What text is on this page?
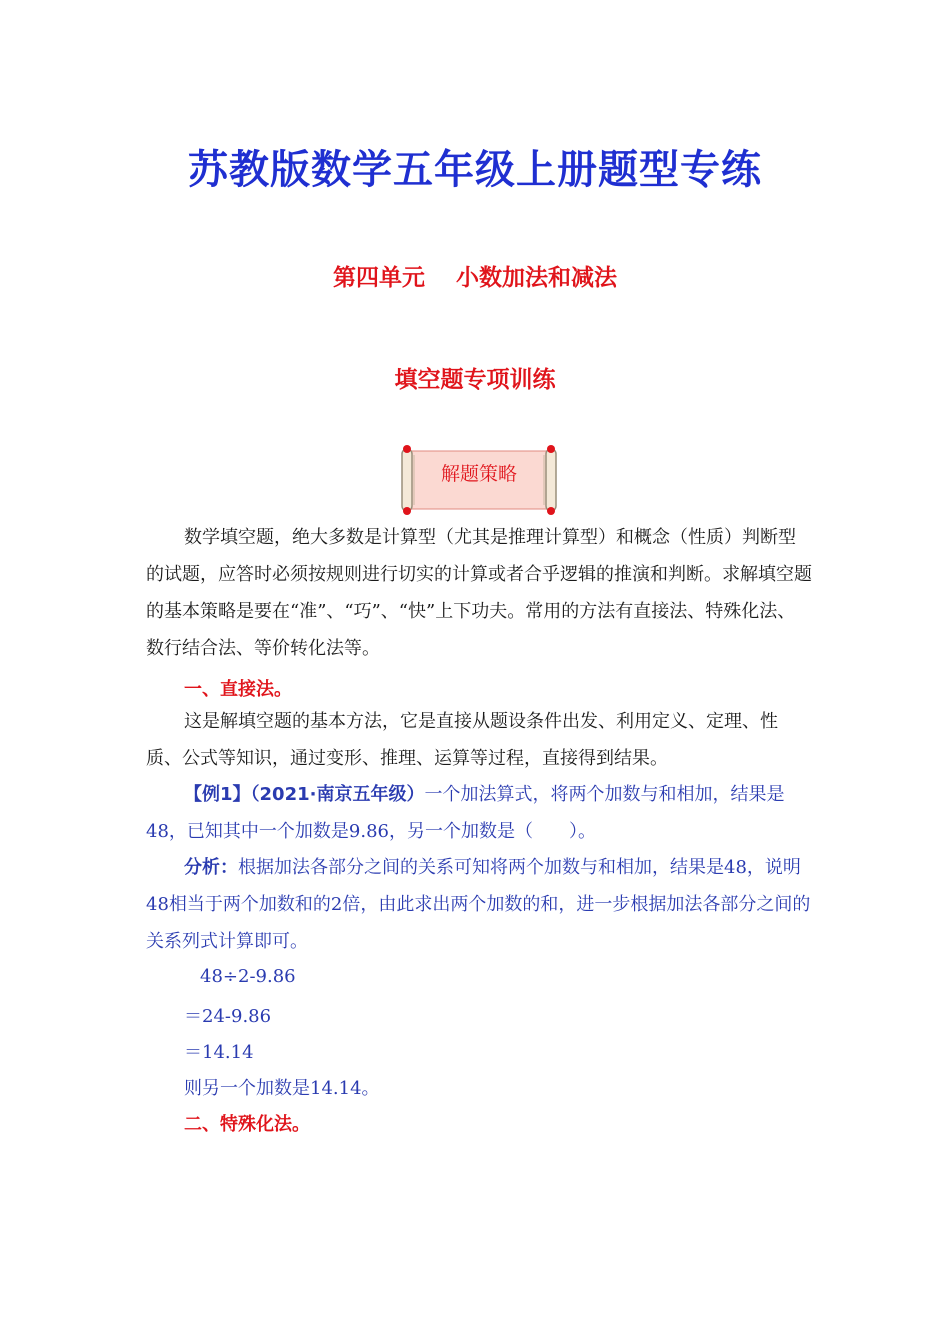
苏教版数学五年级上册题型专练
第四单元　 小数加法和减法
填空题专项训练
解题策略

数学填空题，绝大多数是计算型（尤其是推理计算型）和概念（性质）判断型的试题，应答时必须按规则进行切实的计算或者合乎逻辑的推演和判断。求解填空题的基本策略是要在“准”、“巧”、“快”上下功夫。常用的方法有直接法、特殊化法、数行结合法、等价转化法等。

一、直接法。

这是解填空题的基本方法，它是直接从题设条件出发、利用定义、定理、性质、公式等知识，通过变形、推理、运算等过程，直接得到结果。

【例1】（2021·南京五年级）一个加法算式，将两个加数与和相加，结果是48，已知其中一个加数是9.86，另一个加数是（　　）。

分析：根据加法各部分之间的关系可知将两个加数与和相加，结果是48，说明48相当于两个加数和的2倍，由此求出两个加数的和，进一步根据加法各部分之间的关系列式计算即可。

48÷2-9.86
＝24-9.86
＝14.14
则另一个加数是14.14。
二、特殊化法。
